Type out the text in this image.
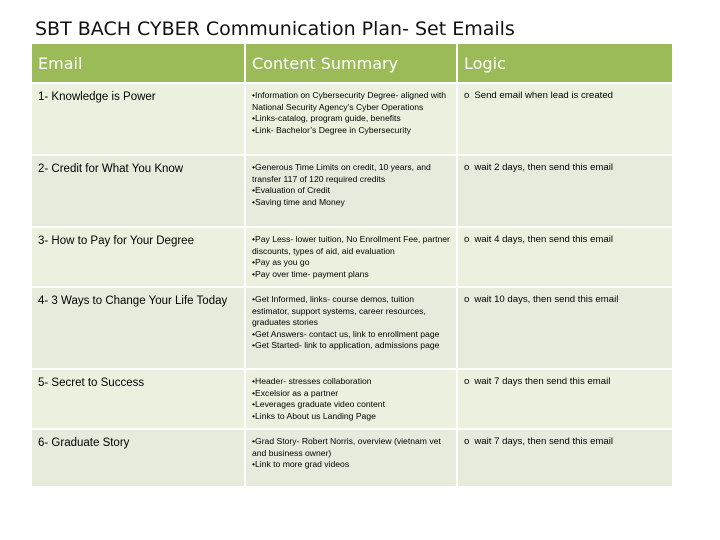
SBT BACH CYBER Communication Plan- Set Emails
Email	Content Summary	Logic
1- Knowledge is Power	• Information on Cybersecurity Degree- aligned with National Security Agency’s Cyber Operations
• Links-catalog, program guide, benefits
• Link- Bachelor’s Degree in Cybersecurity	o Send email when lead is created
2- Credit for What You Know	• Generous Time Limits on credit, 10 years, and transfer 117 of 120 required credits
• Evaluation of Credit
• Saving time and Money	o wait 2 days, then send this email
3- How to Pay for Your Degree	• Pay Less- lower tuition, No Enrollment Fee, partner discounts, types of aid, aid evaluation
• Pay as you go
• Pay over time- payment plans	o wait 4 days, then send this email
4- 3 Ways to Change Your Life Today	• Get Informed, links- course demos, tuition estimator, support systems, career resources, graduates stories
• Get Answers- contact us, link to enrollment page
• Get Started- link to application, admissions page	o wait 10 days, then send this email
5- Secret to Success	• Header- stresses collaboration
• Excelsior as a partner
• Leverages graduate video content
• Links to About us Landing Page	o wait 7 days then send this email
6- Graduate Story	• Grad Story- Robert Norris, overview (vietnam vet and business owner)
• Link to more grad videos	o wait 7 days, then send this email
